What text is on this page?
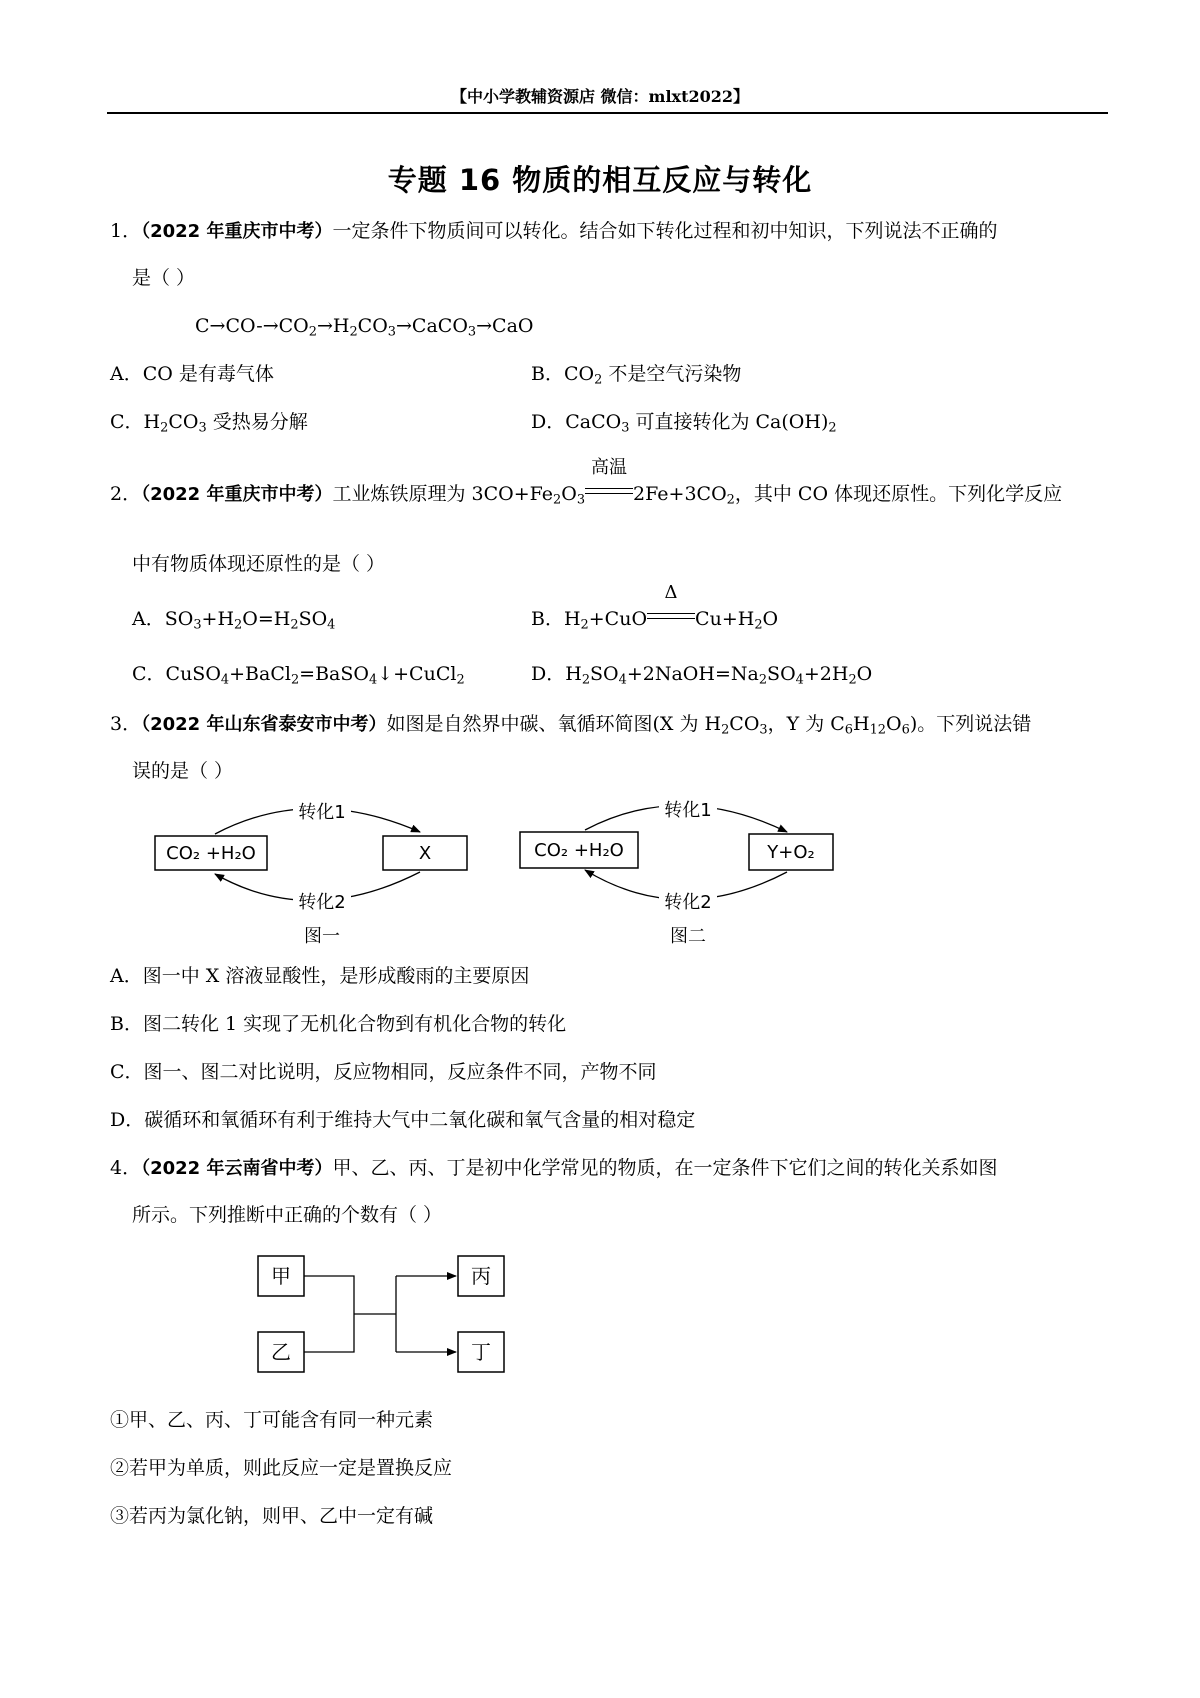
【中小学教辅资源店 微信：mlxt2022】
专题 16 物质的相互反应与转化
1．（2022 年重庆市中考）一定条件下物质间可以转化。结合如下转化过程和初中知识，下列说法不正确的
是（ ）
$C\to CO-\to CO_2\to H_2CO_3\to CaCO_3\to CaO$
A．CO 是有毒气体	B．$CO_2$ 不是空气污染物
C．$H_2CO_3$ 受热易分解	D．CaCO$_3$ 可直接转化为 $Ca(OH)_2$
2．（2022 年重庆市中考）工业炼铁原理为 $3CO+Fe_2O_3$
高温
$2Fe+3CO_2$，其中 CO 体现还原性。下列化学反应
中有物质体现还原性的是（ ）
A．$SO_3+H_2O=H_2SO_4$	B．$H_2+CuO$
Δ
$Cu+H_2O$
C．CuSO$_4$+BaCl$_2$=BaSO$_4$↓+CuCl$_2$	D．$H_2SO_4+2NaOH=Na_2SO_4+2H_2O$
3．（2022 年山东省泰安市中考）如图是自然界中碳、氧循环简图(X 为 $H_2CO_3$，Y 为 $C_6H_{12}O_6$)。下列说法错
误的是（ ）
CO₂ +H₂O	X
转化1
转化2
图一
CO₂ +H₂O	Y+O₂
转化1
转化2
图二
A．图一中 X 溶液显酸性，是形成酸雨的主要原因
B．图二转化 1 实现了无机化合物到有机化合物的转化
C．图一、图二对比说明，反应物相同，反应条件不同，产物不同
D．碳循环和氧循环有利于维持大气中二氧化碳和氧气含量的相对稳定
4．（2022 年云南省中考）甲、乙、丙、丁是初中化学常见的物质，在一定条件下它们之间的转化关系如图
所示。下列推断中正确的个数有（ ）
甲
乙
丙
丁
①甲、乙、丙、丁可能含有同一种元素
②若甲为单质，则此反应一定是置换反应
③若丙为氯化钠，则甲、乙中一定有碱
